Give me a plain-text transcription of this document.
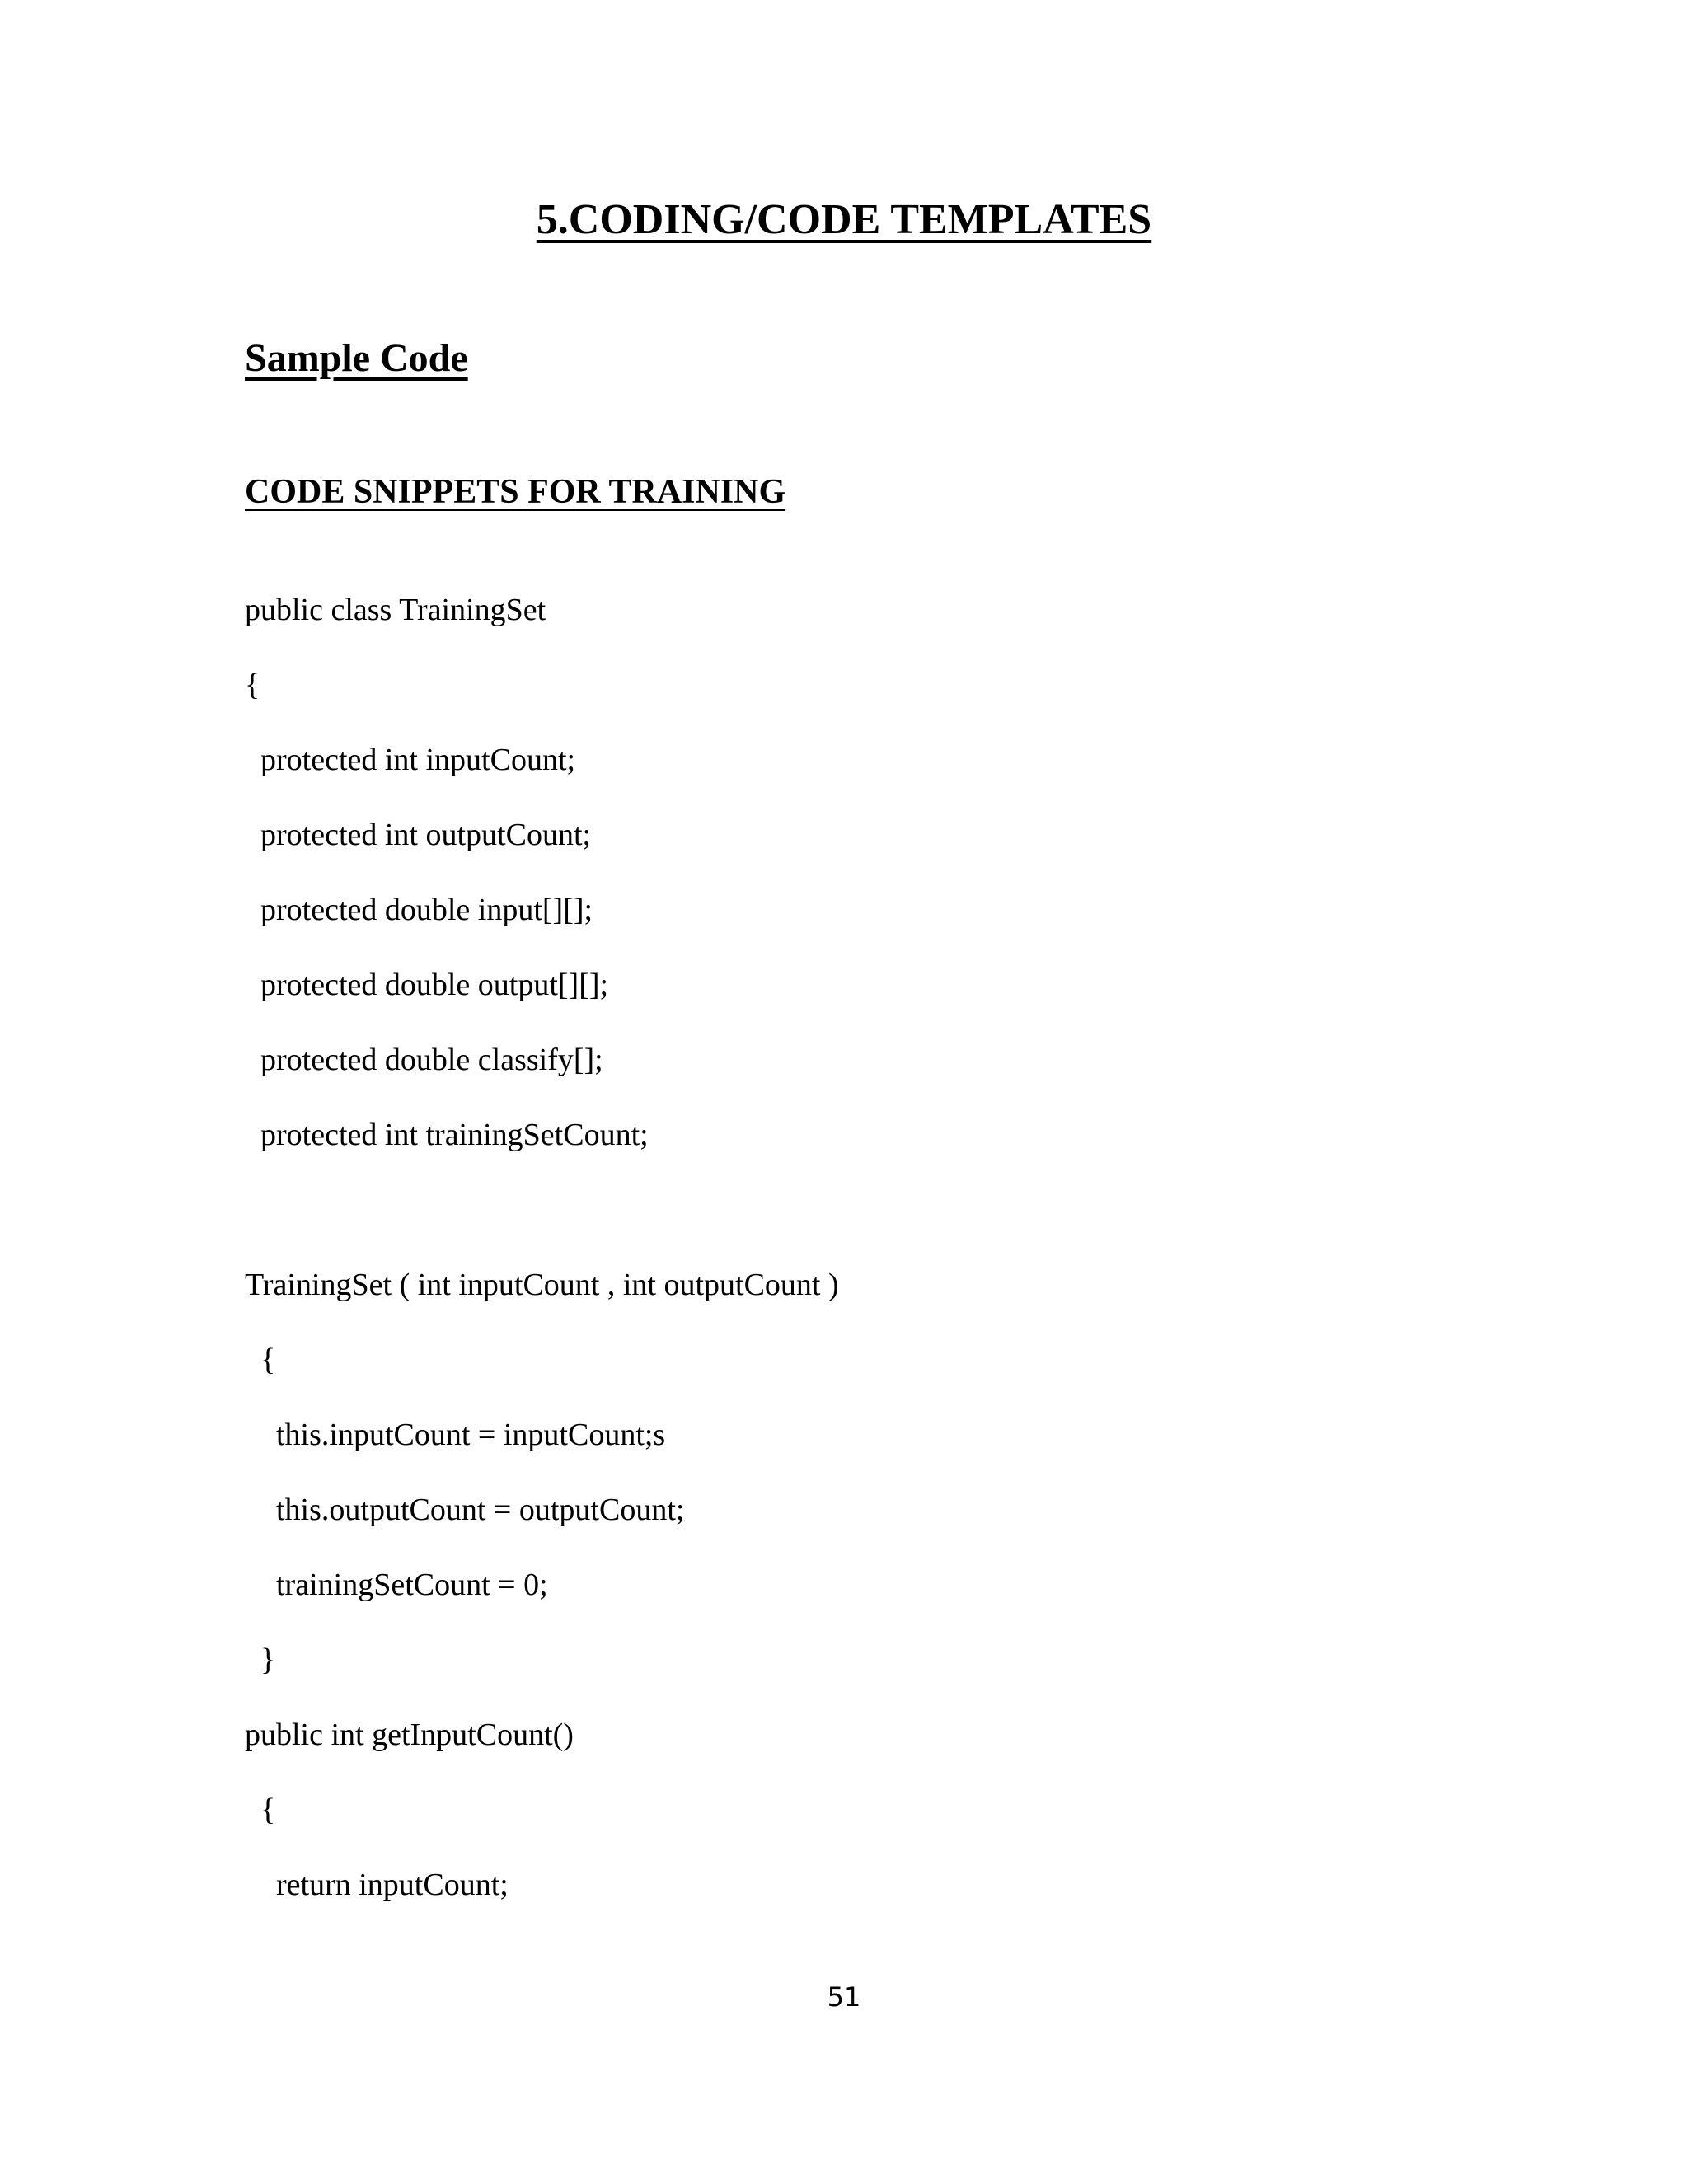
5.CODING/CODE TEMPLATES
Sample Code
CODE SNIPPETS FOR TRAINING
public class TrainingSet
{
protected int inputCount;
protected int outputCount;
protected double input[][];
protected double output[][];
protected double classify[];
protected int trainingSetCount;
TrainingSet ( int inputCount , int outputCount )
{
this.inputCount = inputCount;s
this.outputCount = outputCount;
trainingSetCount = 0;
}
public int getInputCount()
{
return inputCount;
51
